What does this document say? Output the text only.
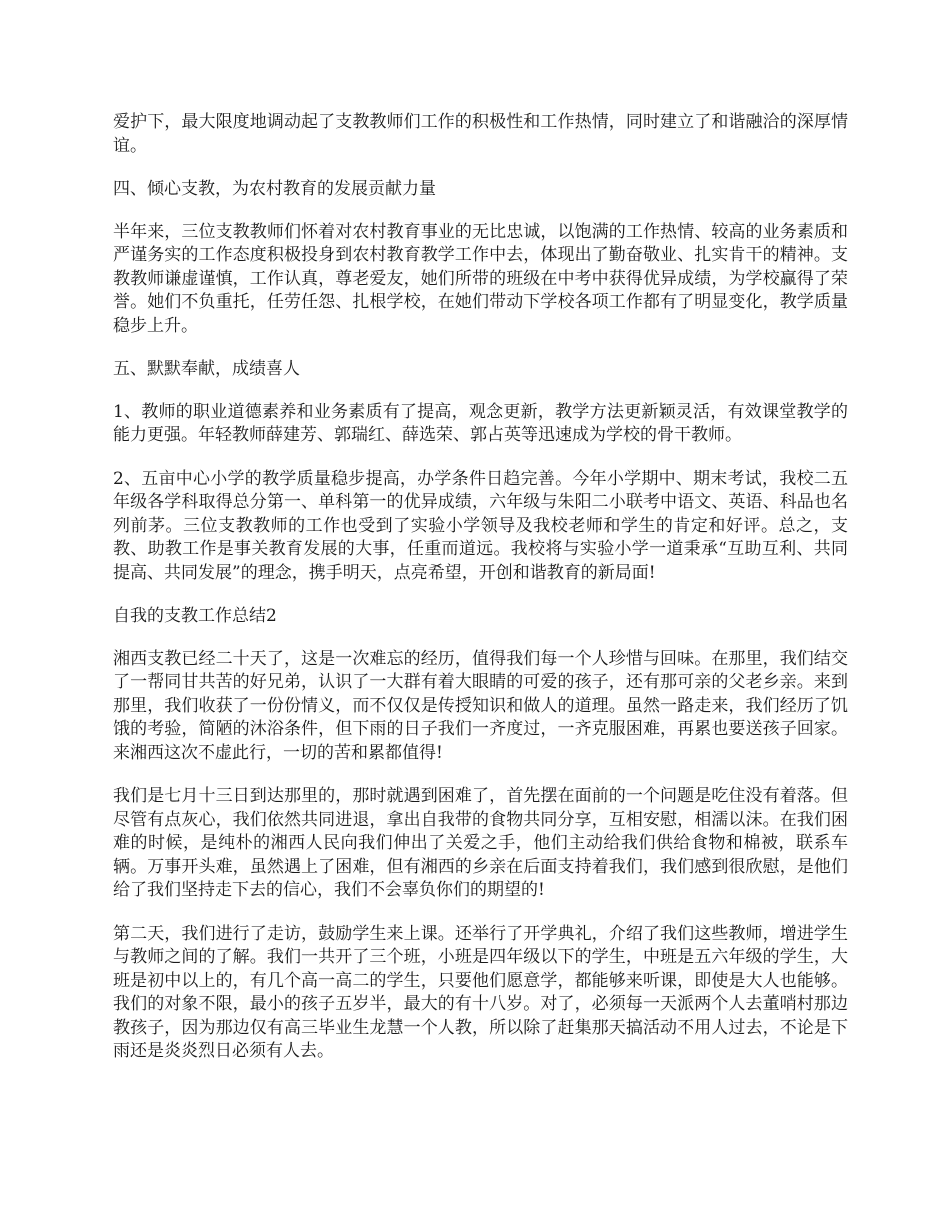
爱护下，最大限度地调动起了支教教师们工作的积极性和工作热情，同时建立了和谐融洽的深厚情谊。

四、倾心支教，为农村教育的发展贡献力量

半年来，三位支教教师们怀着对农村教育事业的无比忠诚，以饱满的工作热情、较高的业务素质和严谨务实的工作态度积极投身到农村教育教学工作中去，体现出了勤奋敬业、扎实肯干的精神。支教教师谦虚谨慎，工作认真，尊老爱友，她们所带的班级在中考中获得优异成绩，为学校赢得了荣誉。她们不负重托，任劳任怨、扎根学校，在她们带动下学校各项工作都有了明显变化，教学质量稳步上升。

五、默默奉献，成绩喜人

1、教师的职业道德素养和业务素质有了提高，观念更新，教学方法更新颖灵活，有效课堂教学的能力更强。年轻教师薛建芳、郭瑞红、薛选荣、郭占英等迅速成为学校的骨干教师。

2、五亩中心小学的教学质量稳步提高，办学条件日趋完善。今年小学期中、期末考试，我校二五年级各学科取得总分第一、单科第一的优异成绩，六年级与朱阳二小联考中语文、英语、科品也名列前茅。三位支教教师的工作也受到了实验小学领导及我校老师和学生的肯定和好评。总之，支教、助教工作是事关教育发展的大事，任重而道远。我校将与实验小学一道秉承“互助互利、共同提高、共同发展”的理念，携手明天，点亮希望，开创和谐教育的新局面!

自我的支教工作总结2

湘西支教已经二十天了，这是一次难忘的经历，值得我们每一个人珍惜与回味。在那里，我们结交了一帮同甘共苦的好兄弟，认识了一大群有着大眼睛的可爱的孩子，还有那可亲的父老乡亲。来到那里，我们收获了一份份情义，而不仅仅是传授知识和做人的道理。虽然一路走来，我们经历了饥饿的考验，简陋的沐浴条件，但下雨的日子我们一齐度过，一齐克服困难，再累也要送孩子回家。来湘西这次不虚此行，一切的苦和累都值得!

我们是七月十三日到达那里的，那时就遇到困难了，首先摆在面前的一个问题是吃住没有着落。但尽管有点灰心，我们依然共同进退，拿出自我带的食物共同分享，互相安慰，相濡以沫。在我们困难的时候，是纯朴的湘西人民向我们伸出了关爱之手，他们主动给我们供给食物和棉被，联系车辆。万事开头难，虽然遇上了困难，但有湘西的乡亲在后面支持着我们，我们感到很欣慰，是他们给了我们坚持走下去的信心，我们不会辜负你们的期望的!

第二天，我们进行了走访，鼓励学生来上课。还举行了开学典礼，介绍了我们这些教师，增进学生与教师之间的了解。我们一共开了三个班，小班是四年级以下的学生，中班是五六年级的学生，大班是初中以上的，有几个高一高二的学生，只要他们愿意学，都能够来听课，即使是大人也能够。我们的对象不限，最小的孩子五岁半，最大的有十八岁。对了，必须每一天派两个人去董哨村那边教孩子，因为那边仅有高三毕业生龙慧一个人教，所以除了赶集那天搞活动不用人过去，不论是下雨还是炎炎烈日必须有人去。
